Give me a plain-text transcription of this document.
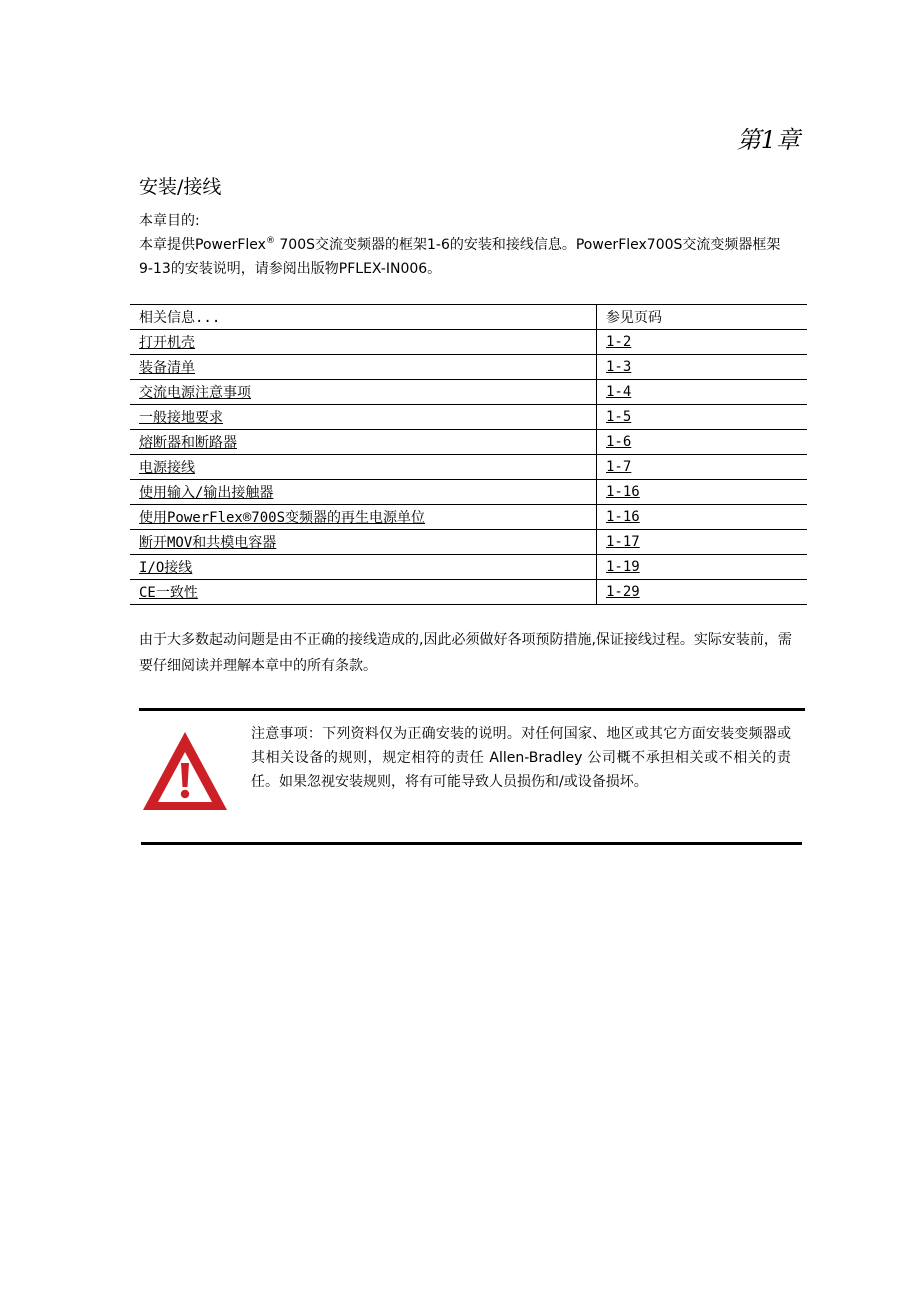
第1章
安装/接线
本章目的:
本章提供PowerFlex® 700S交流变频器的框架1-6的安装和接线信息。PowerFlex700S交流变频器框架9-13的安装说明，请参阅出版物PFLEX-IN006。
相关信息...	参见页码
打开机壳	1-2
装备清单	1-3
交流电源注意事项	1-4
一般接地要求	1-5
熔断器和断路器	1-6
电源接线	1-7
使用输入/输出接触器	1-16
使用PowerFlex®700S变频器的再生电源单位	1-16
断开MOV和共模电容器	1-17
I/O接线	1-19
CE一致性	1-29
由于大多数起动问题是由不正确的接线造成的,因此必须做好各项预防措施,保证接线过程。实际安装前，需要仔细阅读并理解本章中的所有条款。
注意事项：下列资料仅为正确安装的说明。对任何国家、地区或其它方面安装变频器或其相关设备的规则，规定相符的责任 Allen-Bradley 公司概不承担相关或不相关的责任。如果忽视安装规则，将有可能导致人员损伤和/或设备损坏。
